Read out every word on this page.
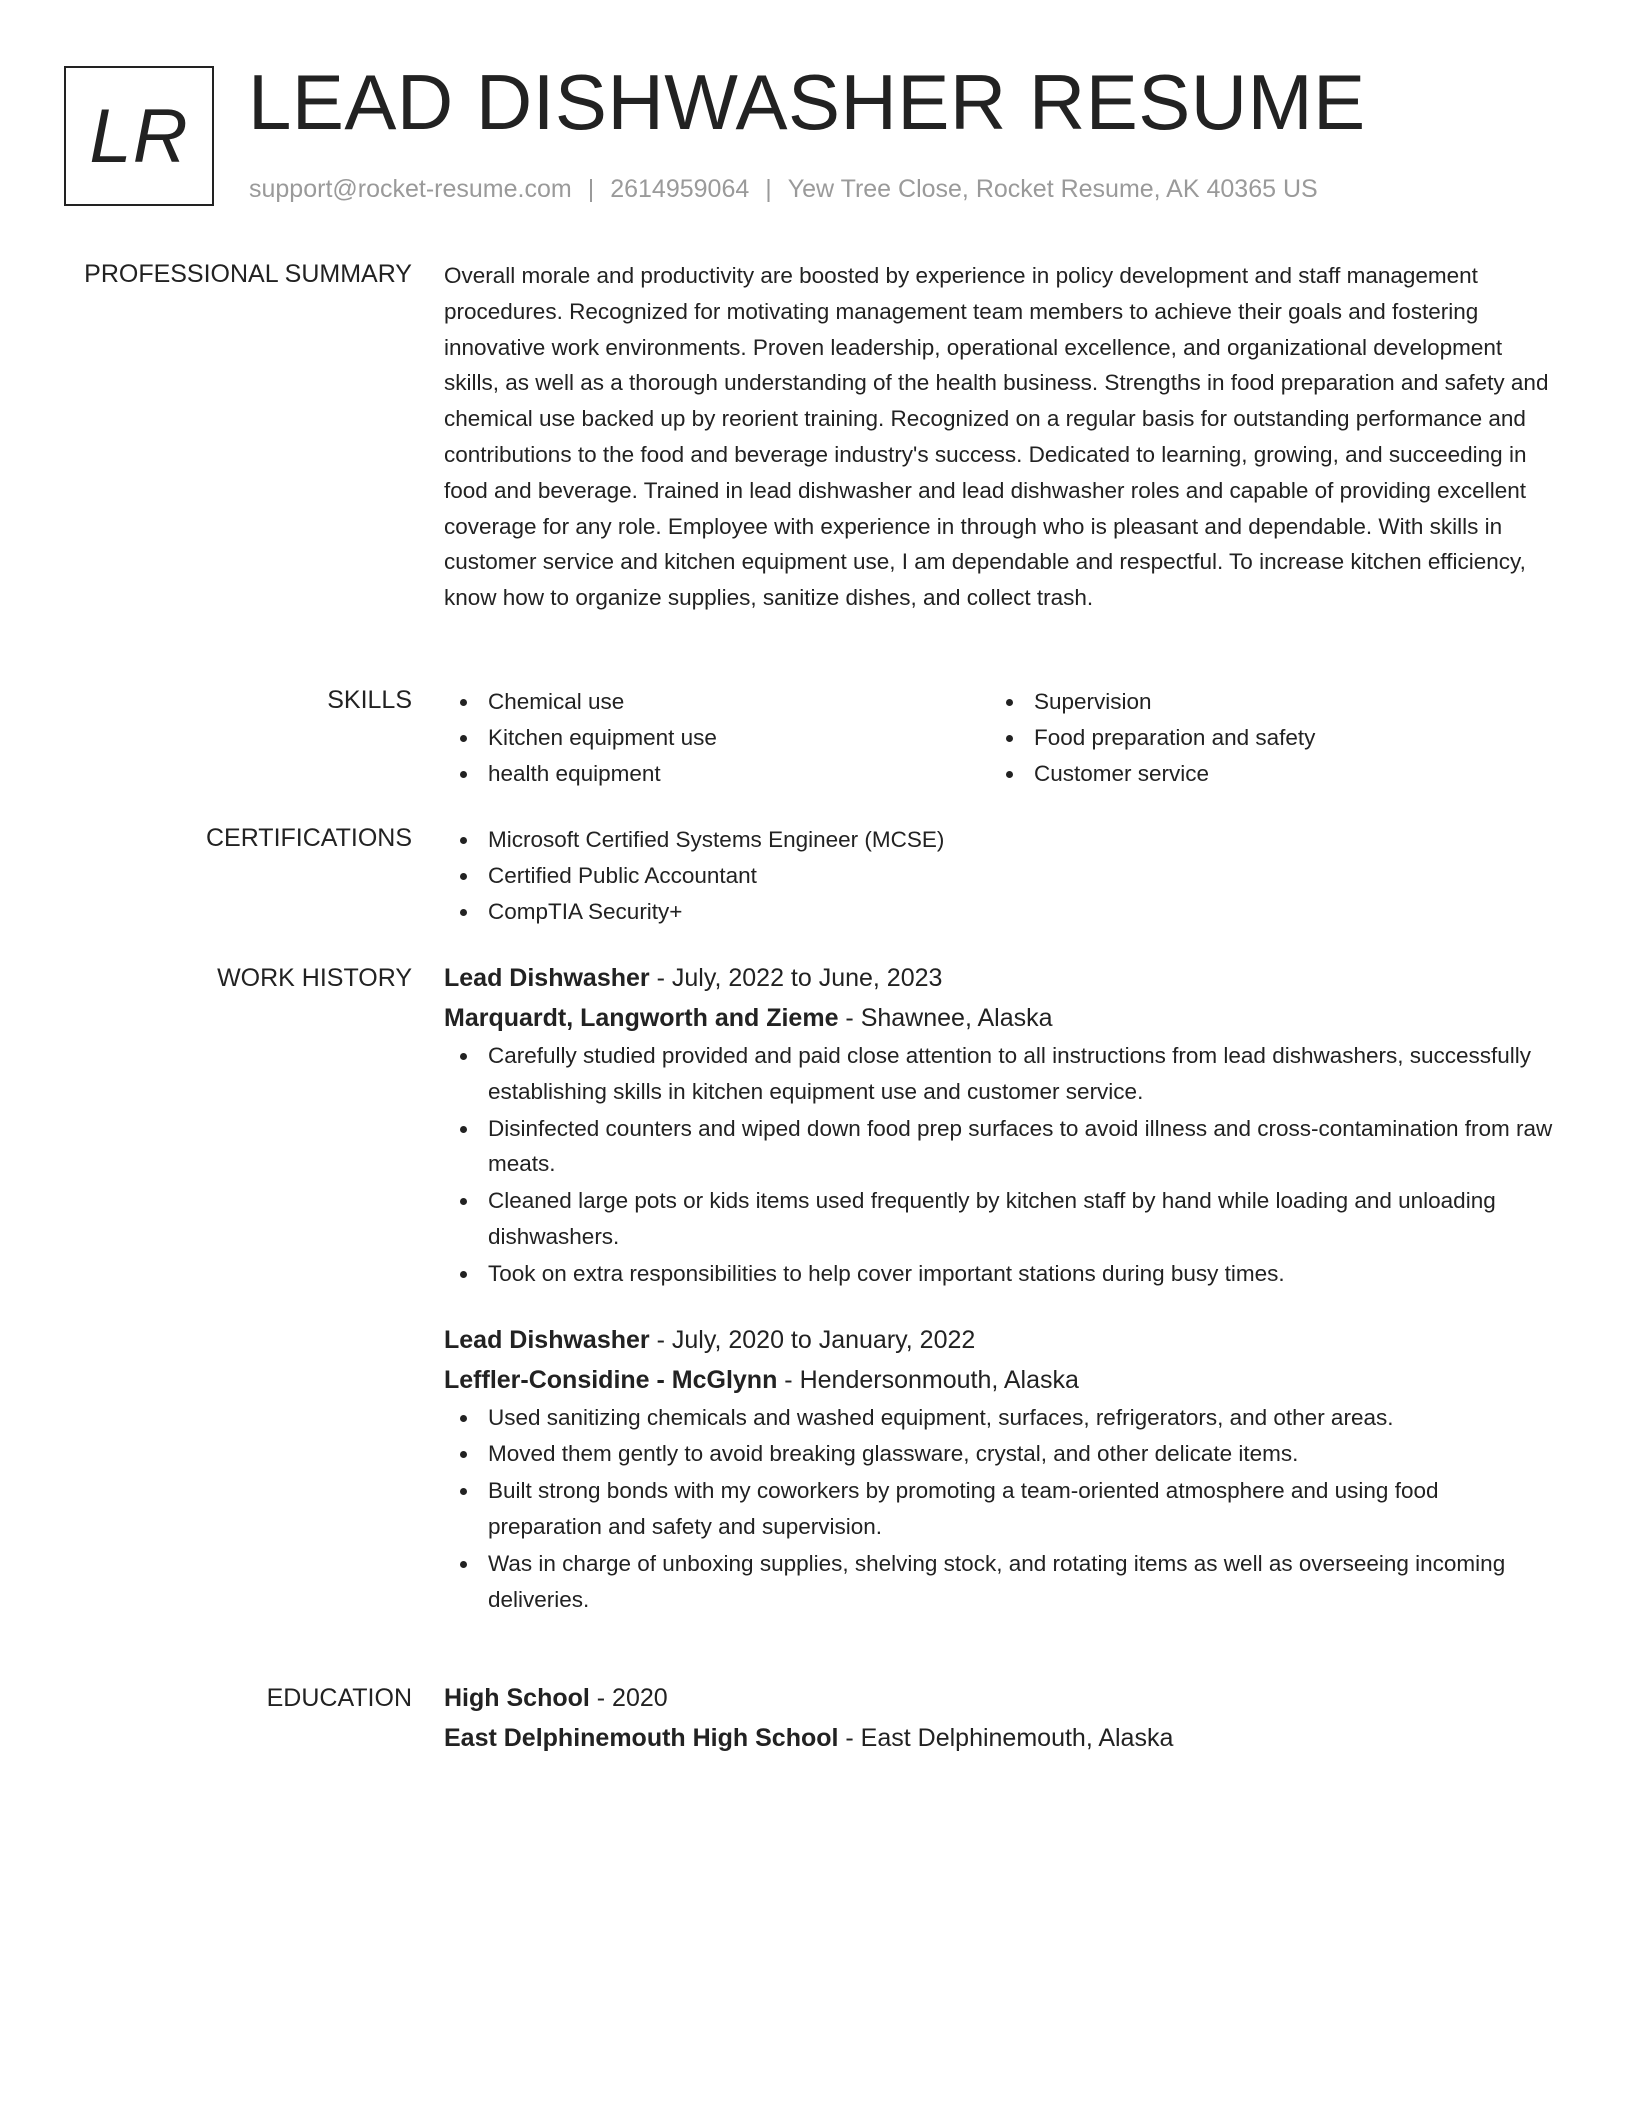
LR LEAD DISHWASHER RESUME
support@rocket-resume.com | 2614959064 | Yew Tree Close, Rocket Resume, AK 40365 US
PROFESSIONAL SUMMARY Overall morale and productivity are boosted by experience in policy development and staff management procedures. Recognized for motivating management team members to achieve their goals and fostering innovative work environments. Proven leadership, operational excellence, and organizational development skills, as well as a thorough understanding of the health business. Strengths in food preparation and safety and chemical use backed up by reorient training. Recognized on a regular basis for outstanding performance and contributions to the food and beverage industry's success. Dedicated to learning, growing, and succeeding in food and beverage. Trained in lead dishwasher and lead dishwasher roles and capable of providing excellent coverage for any role. Employee with experience in through who is pleasant and dependable. With skills in customer service and kitchen equipment use, I am dependable and respectful. To increase kitchen efficiency, know how to organize supplies, sanitize dishes, and collect trash.

SKILLS	Chemical use
Kitchen equipment use
health equipment
Supervision
Food preparation and safety
Customer service
CERTIFICATIONS	Microsoft Certified Systems Engineer (MCSE)
Certified Public Accountant
CompTIA Security+
WORK HISTORY Lead Dishwasher - July, 2022 to June, 2023
Marquardt, Langworth and Zieme - Shawnee, Alaska
Carefully studied provided and paid close attention to all instructions from lead dishwashers, successfully establishing skills in kitchen equipment use and customer service.
Disinfected counters and wiped down food prep surfaces to avoid illness and cross-contamination from raw meats.
Cleaned large pots or kids items used frequently by kitchen staff by hand while loading and unloading dishwashers.
Took on extra responsibilities to help cover important stations during busy times.
Lead Dishwasher - July, 2020 to January, 2022
Leffler-Considine - McGlynn - Hendersonmouth, Alaska
Used sanitizing chemicals and washed equipment, surfaces, refrigerators, and other areas.
Moved them gently to avoid breaking glassware, crystal, and other delicate items.
Built strong bonds with my coworkers by promoting a team-oriented atmosphere and using food preparation and safety and supervision.
Was in charge of unboxing supplies, shelving stock, and rotating items as well as overseeing incoming deliveries.
EDUCATION High School - 2020
East Delphinemouth High School - East Delphinemouth, Alaska
